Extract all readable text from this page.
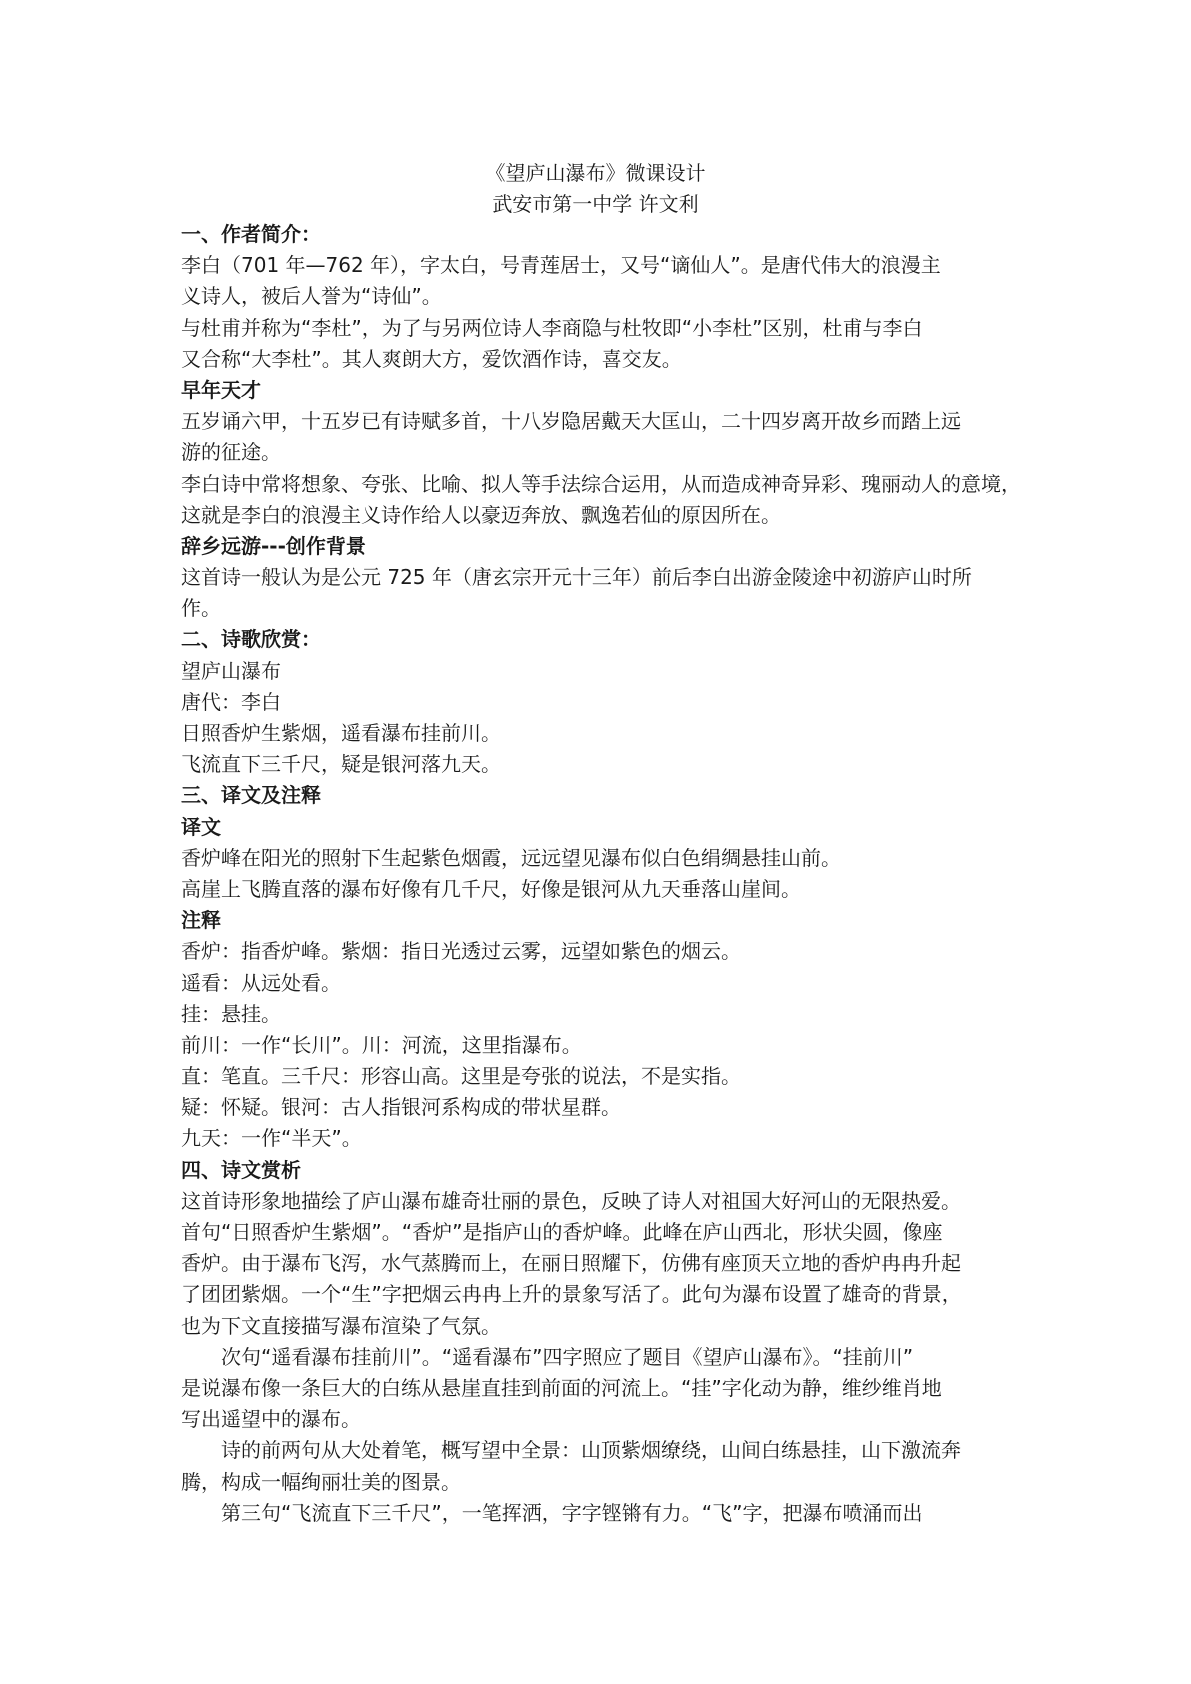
《望庐山瀑布》微课设计
武安市第一中学 许文利
一、作者简介：
李白（701 年—762 年），字太白，号青莲居士，又号“谪仙人”。是唐代伟大的浪漫主
义诗人，被后人誉为“诗仙”。
与杜甫并称为“李杜”，为了与另两位诗人李商隐与杜牧即“小李杜”区别，杜甫与李白
又合称“大李杜”。其人爽朗大方，爱饮酒作诗，喜交友。
早年天才
五岁诵六甲，十五岁已有诗赋多首，十八岁隐居戴天大匡山，二十四岁离开故乡而踏上远
游的征途。
李白诗中常将想象、夸张、比喻、拟人等手法综合运用，从而造成神奇异彩、瑰丽动人的意境，
这就是李白的浪漫主义诗作给人以豪迈奔放、飘逸若仙的原因所在。
辞乡远游---创作背景
这首诗一般认为是公元 725 年（唐玄宗开元十三年）前后李白出游金陵途中初游庐山时所
作。
二、诗歌欣赏：
望庐山瀑布
唐代：李白
日照香炉生紫烟，遥看瀑布挂前川。
飞流直下三千尺，疑是银河落九天。
三、译文及注释
译文
香炉峰在阳光的照射下生起紫色烟霞，远远望见瀑布似白色绢绸悬挂山前。
高崖上飞腾直落的瀑布好像有几千尺，好像是银河从九天垂落山崖间。
注释
香炉：指香炉峰。紫烟：指日光透过云雾，远望如紫色的烟云。
遥看：从远处看。
挂：悬挂。
前川：一作“长川”。川：河流，这里指瀑布。
直：笔直。三千尺：形容山高。这里是夸张的说法，不是实指。
疑：怀疑。银河：古人指银河系构成的带状星群。
九天：一作“半天”。
四、诗文赏析
这首诗形象地描绘了庐山瀑布雄奇壮丽的景色，反映了诗人对祖国大好河山的无限热爱。
首句“日照香炉生紫烟”。“香炉”是指庐山的香炉峰。此峰在庐山西北，形状尖圆，像座
香炉。由于瀑布飞泻，水气蒸腾而上，在丽日照耀下，仿佛有座顶天立地的香炉冉冉升起
了团团紫烟。一个“生”字把烟云冉冉上升的景象写活了。此句为瀑布设置了雄奇的背景，
也为下文直接描写瀑布渲染了气氛。
次句“遥看瀑布挂前川”。“遥看瀑布”四字照应了题目《望庐山瀑布》。“挂前川”
是说瀑布像一条巨大的白练从悬崖直挂到前面的河流上。“挂”字化动为静，维纱维肖地
写出遥望中的瀑布。
诗的前两句从大处着笔，概写望中全景：山顶紫烟缭绕，山间白练悬挂，山下激流奔
腾，构成一幅绚丽壮美的图景。
第三句“飞流直下三千尺”，一笔挥洒，字字铿锵有力。“飞”字，把瀑布喷涌而出
